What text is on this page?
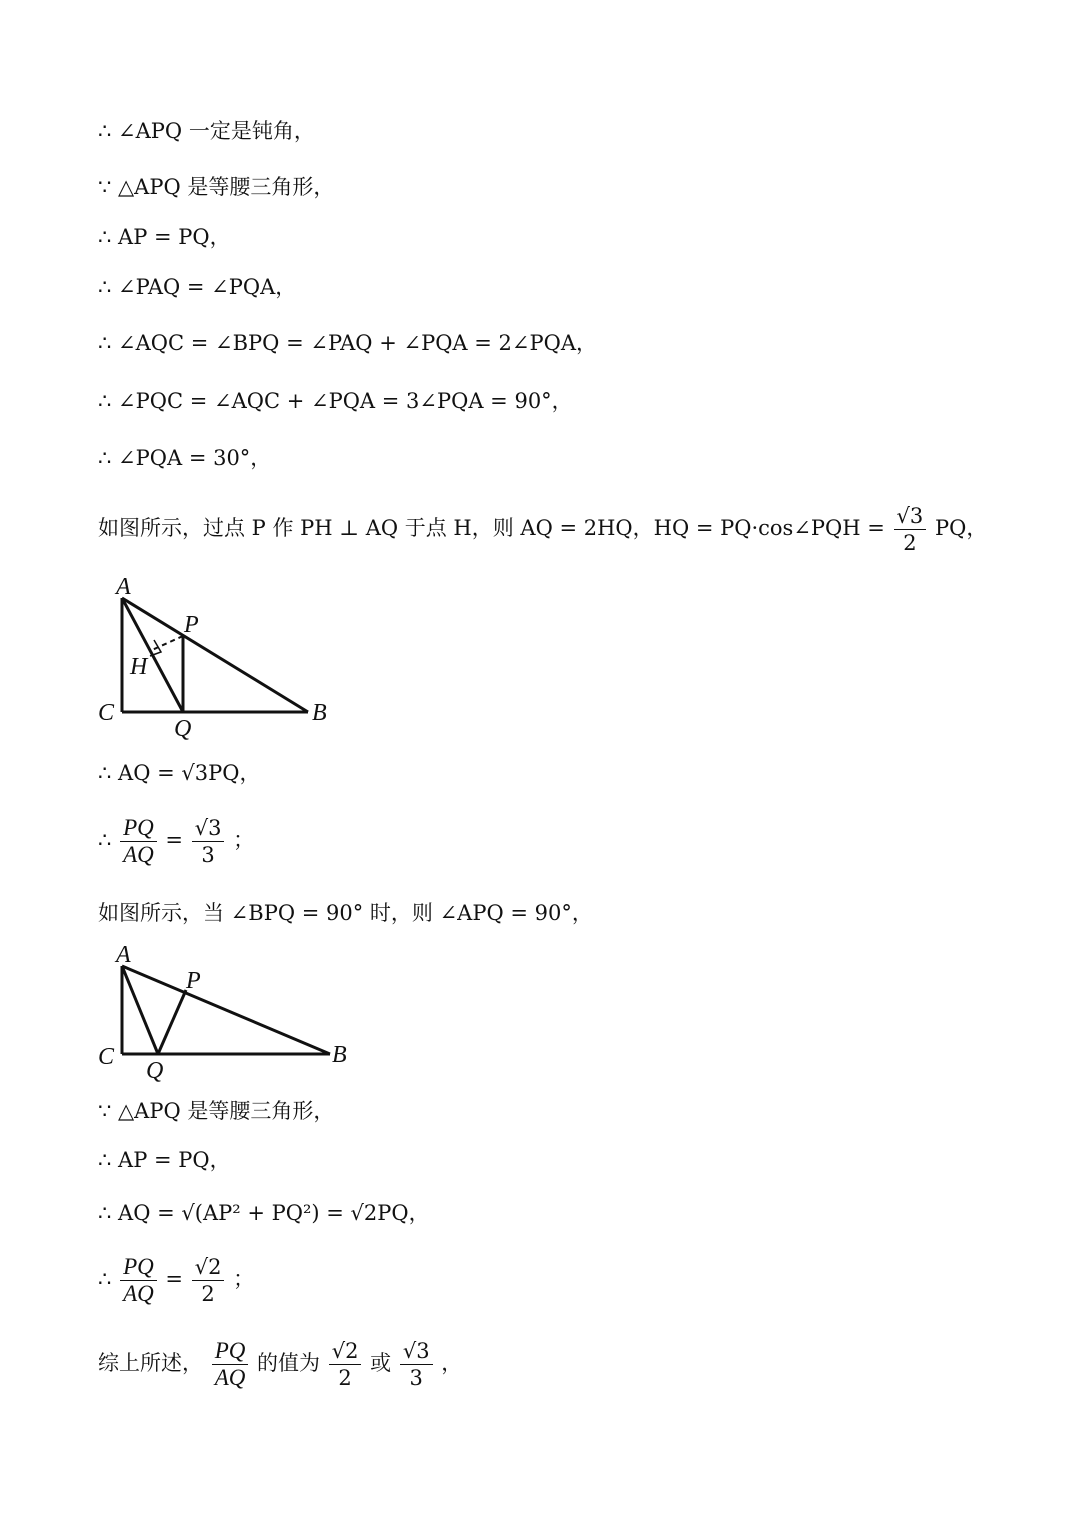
∴ ∠APQ 一定是钝角，
∵ △APQ 是等腰三角形，
∴ AP = PQ，
∴ ∠PAQ = ∠PQA，
∴ ∠AQC = ∠BPQ = ∠PAQ + ∠PQA = 2∠PQA，
∴ ∠PQC = ∠AQC + ∠PQA = 3∠PQA = 90°，
∴ ∠PQA = 30°，
如图所示，过点 P 作 PH ⊥ AQ 于点 H，则 AQ = 2HQ，HQ = PQ·cos∠PQH = $\frac{√3}{2}$ PQ，
A
P
H
C
Q
B
∴ AQ = √3PQ，
∴ $\frac{PQ}{AQ} = \frac{√3}{3}$ ；
如图所示，当 ∠BPQ = 90° 时，则 ∠APQ = 90°，
A
P
C
Q
B
∵ △APQ 是等腰三角形，
∴ AP = PQ，
∴ AQ = √(AP² + PQ²) = √2PQ，
∴ $\frac{PQ}{AQ} = \frac{√2}{2}$ ；
综上所述， $\frac{PQ}{AQ}$ 的值为 $\frac{√2}{2}$ 或 $\frac{√3}{3}$ ，
